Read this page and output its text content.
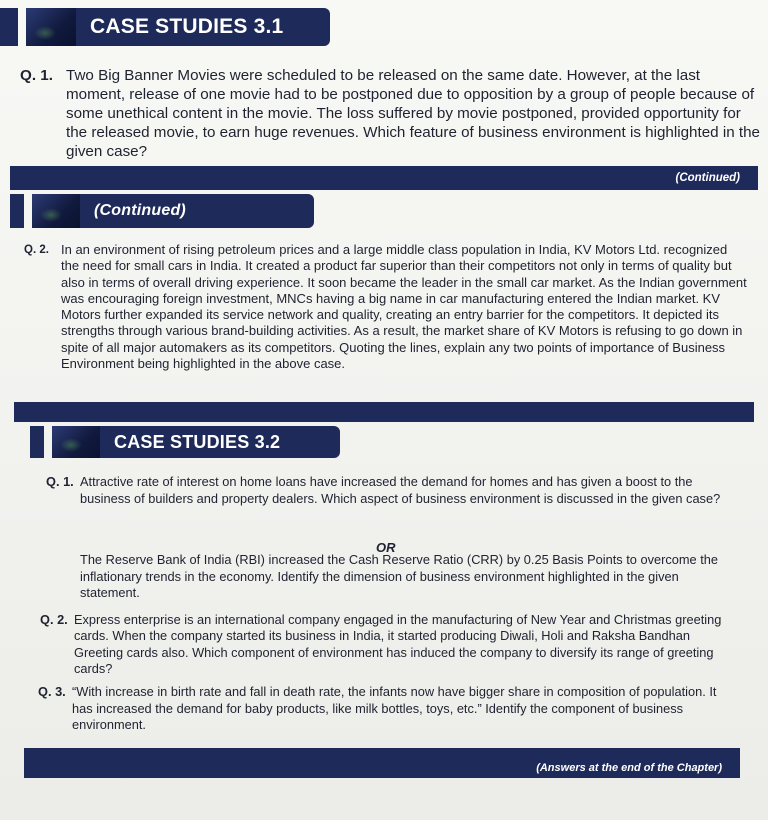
CASE STUDIES 3.1
Q. 1. Two Big Banner Movies were scheduled to be released on the same date. However, at the last moment, release of one movie had to be postponed due to opposition by a group of people because of some unethical content in the movie. The loss suffered by movie postponed, provided opportunity for the released movie, to earn huge revenues. Which feature of business environment is highlighted in the given case?
(Continued)
(Continued)
Q. 2. In an environment of rising petroleum prices and a large middle class population in India, KV Motors Ltd. recognized the need for small cars in India. It created a product far superior than their competitors not only in terms of quality but also in terms of overall driving experience. It soon became the leader in the small car market. As the Indian government was encouraging foreign investment, MNCs having a big name in car manufacturing entered the Indian market. KV Motors further expanded its service network and quality, creating an entry barrier for the competitors. It depicted its strengths through various brand-building activities. As a result, the market share of KV Motors is refusing to go down in spite of all major automakers as its competitors. Quoting the lines, explain any two points of importance of Business Environment being highlighted in the above case.
CASE STUDIES 3.2
Q. 1. Attractive rate of interest on home loans have increased the demand for homes and has given a boost to the business of builders and property dealers. Which aspect of business environment is discussed in the given case?
OR
The Reserve Bank of India (RBI) increased the Cash Reserve Ratio (CRR) by 0.25 Basis Points to overcome the inflationary trends in the economy. Identify the dimension of business environment highlighted in the given statement.
Q. 2. Express enterprise is an international company engaged in the manufacturing of New Year and Christmas greeting cards. When the company started its business in India, it started producing Diwali, Holi and Raksha Bandhan Greeting cards also. Which component of environment has induced the company to diversify its range of greeting cards?
Q. 3. “With increase in birth rate and fall in death rate, the infants now have bigger share in composition of population. It has increased the demand for baby products, like milk bottles, toys, etc.” Identify the component of business environment.
(Answers at the end of the Chapter)
